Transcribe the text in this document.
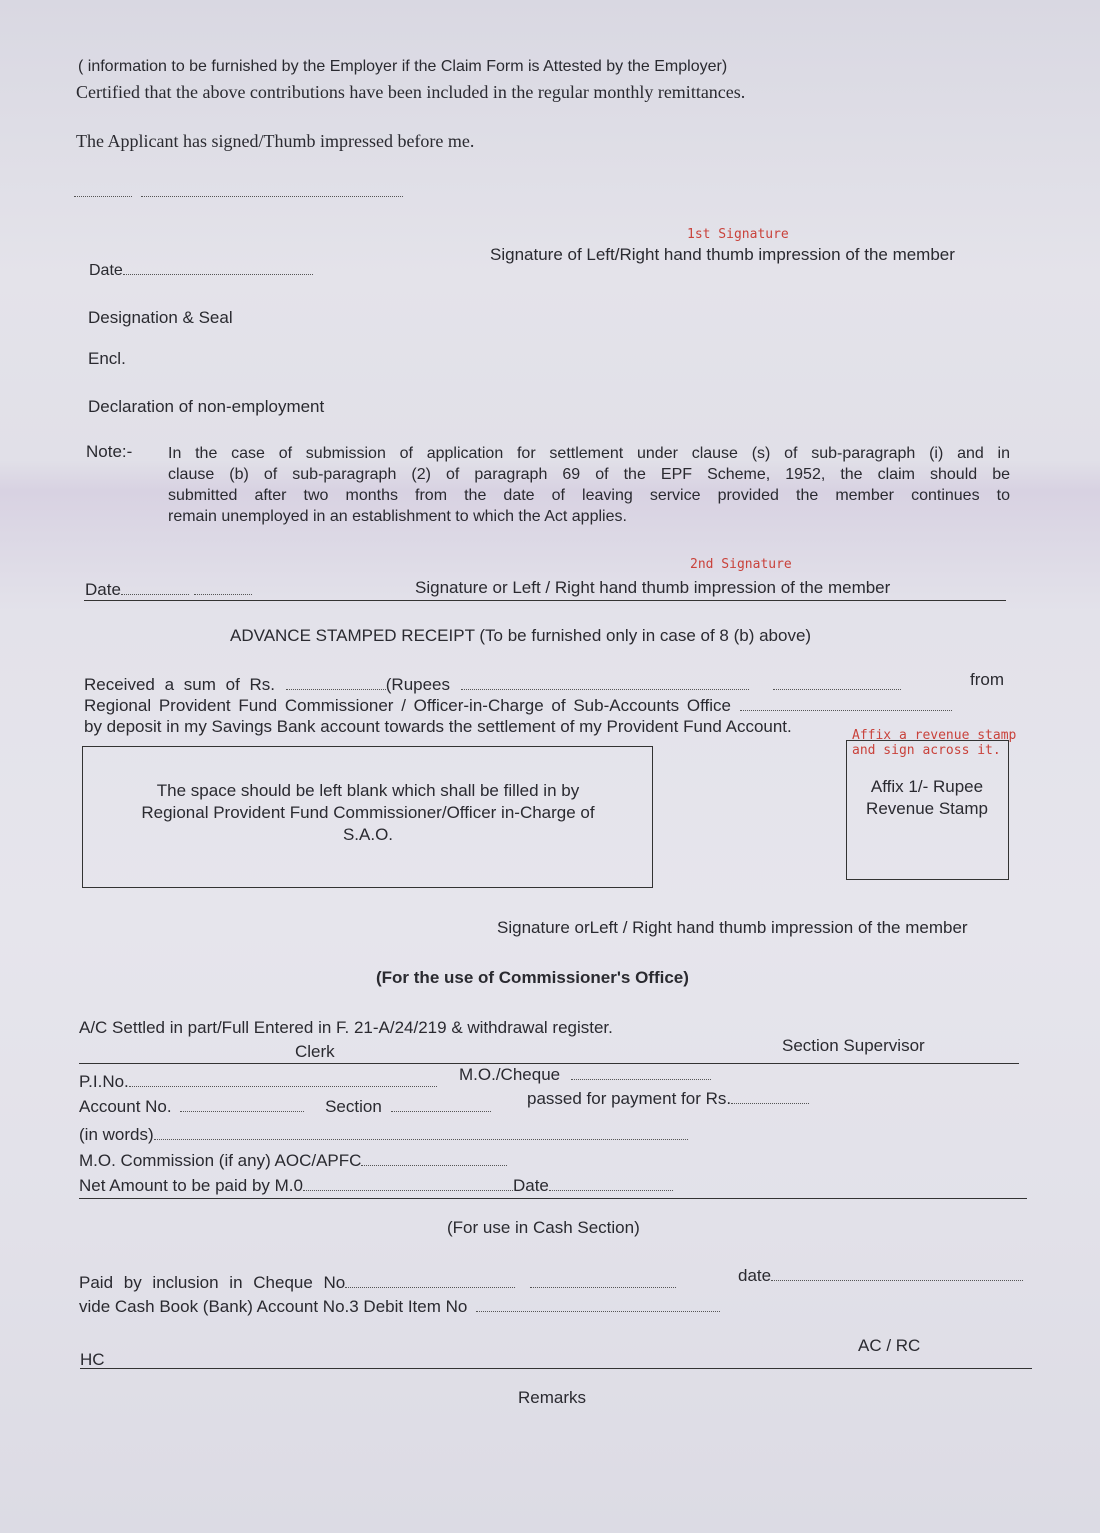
( information to be furnished by the Employer if the Claim Form is Attested by the Employer)
Certified that the above contributions have been included in the regular monthly remittances.
The Applicant has signed/Thumb impressed before me.

1st Signature
Signature of Left/Right hand thumb impression of the member
Date
Designation & Seal
Encl.
Declaration of non-employment
Note:- In the case of submission of application for settlement under clause (s) of sub-paragraph (i) and in
clause (b) of sub-paragraph (2) of paragraph 69 of the EPF Scheme, 1952, the claim should be
submitted after two months from the date of leaving service provided the member continues to
remain unemployed in an establishment to which the Act applies.
2nd Signature
Date	Signature or Left / Right hand thumb impression of the member
ADVANCE STAMPED RECEIPT (To be furnished only in case of 8 (b) above)
Received a sum of Rs.	(Rupees	from
Regional Provident Fund Commissioner / Officer-in-Charge of Sub-Accounts Office
by deposit in my Savings Bank account towards the settlement of my Provident Fund Account.	Affix a revenue stamp
and sign across it.
The space should be left blank which shall be filled in by Regional Provident Fund Commissioner/Officer in-Charge of S.A.O.
Affix 1/- Rupee Revenue Stamp
Signature orLeft / Right hand thumb impression of the member
(For the use of Commissioner's Office)
A/C Settled in part/Full Entered in F. 21-A/24/219 & withdrawal register.
Clerk	Section Supervisor
P.I.No.	M.O./Cheque
Account No.	Section	passed for payment for Rs.
(in words)
M.O. Commission (if any) AOC/APFC
Net Amount to be paid by M.0	Date
(For use in Cash Section)
Paid by inclusion in Cheque No	date
vide Cash Book (Bank) Account No.3 Debit Item No
AC / RC
HC
Remarks
